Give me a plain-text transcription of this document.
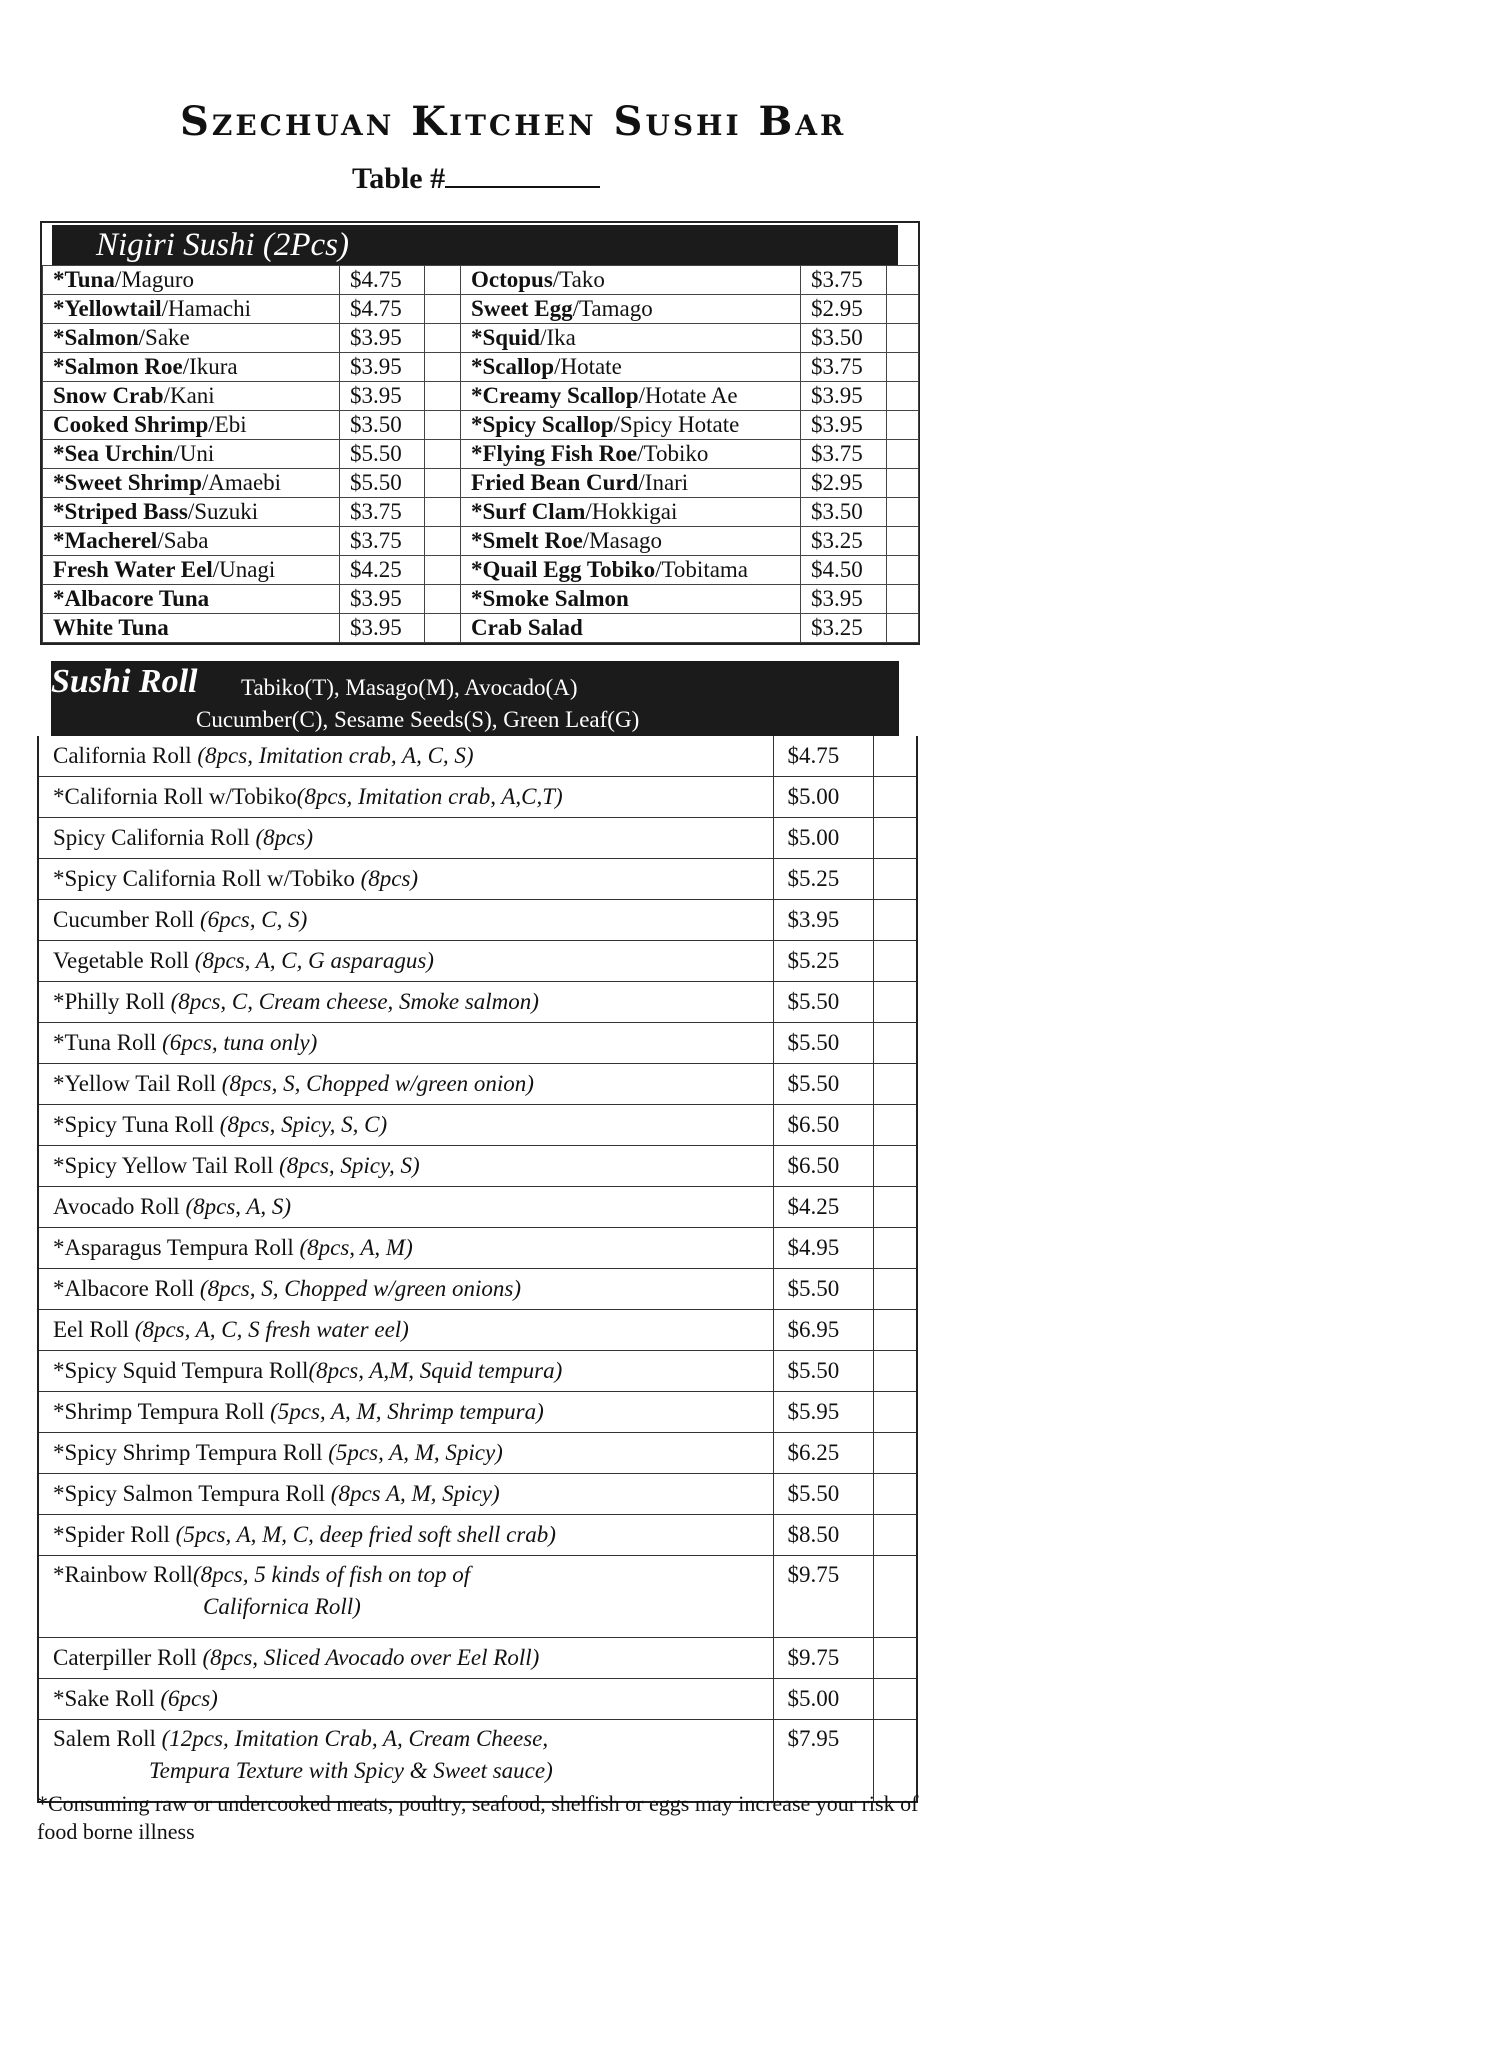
Szechuan Kitchen Sushi Bar
Table #
Nigiri Sushi (2Pcs)
*Tuna/Maguro	$4.75		Octopus/Tako	$3.75	
*Yellowtail/Hamachi	$4.75		Sweet Egg/Tamago	$2.95	
*Salmon/Sake	$3.95		*Squid/Ika	$3.50	
*Salmon Roe/Ikura	$3.95		*Scallop/Hotate	$3.75	
Snow Crab/Kani	$3.95		*Creamy Scallop/Hotate Ae	$3.95	
Cooked Shrimp/Ebi	$3.50		*Spicy Scallop/Spicy Hotate	$3.95	
*Sea Urchin/Uni	$5.50		*Flying Fish Roe/Tobiko	$3.75	
*Sweet Shrimp/Amaebi	$5.50		Fried Bean Curd/Inari	$2.95	
*Striped Bass/Suzuki	$3.75		*Surf Clam/Hokkigai	$3.50	
*Macherel/Saba	$3.75		*Smelt Roe/Masago	$3.25	
Fresh Water Eel/Unagi	$4.25		*Quail Egg Tobiko/Tobitama	$4.50	
*Albacore Tuna	$3.95		*Smoke Salmon	$3.95	
White Tuna	$3.95		Crab Salad	$3.25	
Sushi Roll Tabiko(T), Masago(M), Avocado(A)
Cucumber(C), Sesame Seeds(S), Green Leaf(G)
California Roll (8pcs, Imitation crab, A, C, S)	$4.75	
*California Roll w/Tobiko(8pcs, Imitation crab, A,C,T)	$5.00	
Spicy California Roll (8pcs)	$5.00	
*Spicy California Roll w/Tobiko (8pcs)	$5.25	
Cucumber Roll (6pcs, C, S)	$3.95	
Vegetable Roll (8pcs, A, C, G asparagus)	$5.25	
*Philly Roll (8pcs, C, Cream cheese, Smoke salmon)	$5.50	
*Tuna Roll (6pcs, tuna only)	$5.50	
*Yellow Tail Roll (8pcs, S, Chopped w/green onion)	$5.50	
*Spicy Tuna Roll (8pcs, Spicy, S, C)	$6.50	
*Spicy Yellow Tail Roll (8pcs, Spicy, S)	$6.50	
Avocado Roll (8pcs, A, S)	$4.25	
*Asparagus Tempura Roll (8pcs, A, M)	$4.95	
*Albacore Roll (8pcs, S, Chopped w/green onions)	$5.50	
Eel Roll (8pcs, A, C, S fresh water eel)	$6.95	
*Spicy Squid Tempura Roll(8pcs, A,M, Squid tempura)	$5.50	
*Shrimp Tempura Roll (5pcs, A, M, Shrimp tempura)	$5.95	
*Spicy Shrimp Tempura Roll (5pcs, A, M, Spicy)	$6.25	
*Spicy Salmon Tempura Roll (8pcs A, M, Spicy)	$5.50	
*Spider Roll (5pcs, A, M, C, deep fried soft shell crab)	$8.50	
*Rainbow Roll(8pcs, 5 kinds of fish on top of
Californica Roll)	$9.75	
Caterpiller Roll (8pcs, Sliced Avocado over Eel Roll)	$9.75	
*Sake Roll (6pcs)	$5.00	
Salem Roll (12pcs, Imitation Crab, A, Cream Cheese,
Tempura Texture with Spicy & Sweet sauce)	$7.95	
*Consuming raw or undercooked meats, poultry, seafood, shelfish or eggs may increase your risk of food borne illness
